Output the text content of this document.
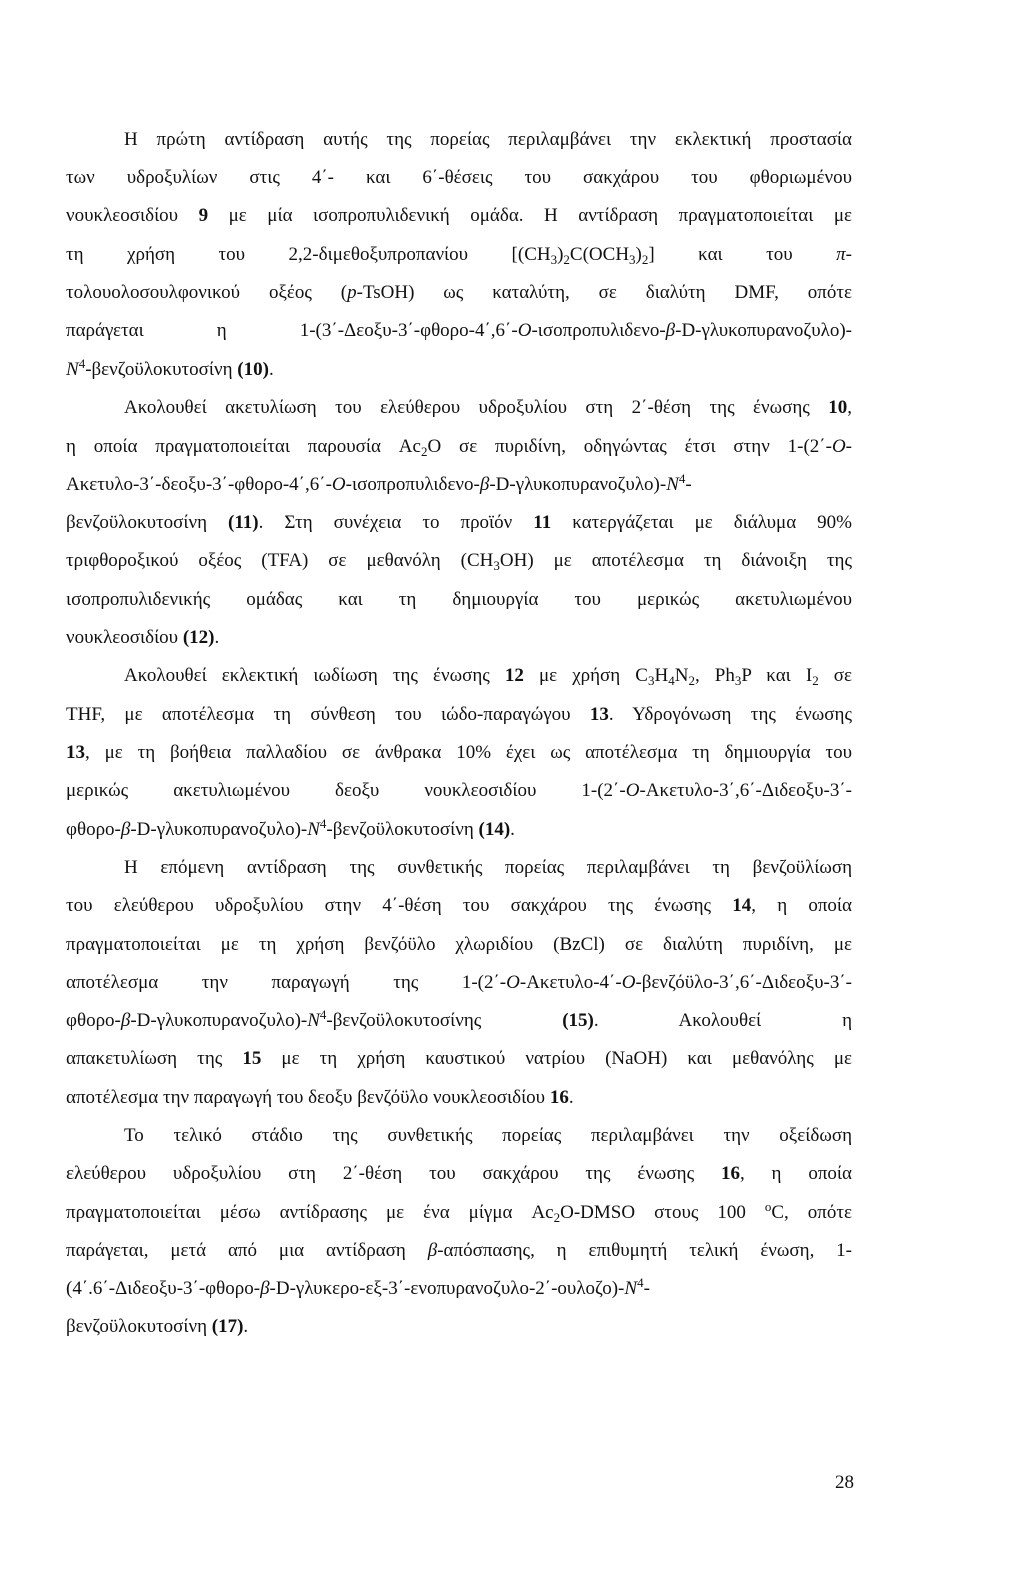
Η πρώτη αντίδραση αυτής της πορείας περιλαμβάνει την εκλεκτική προστασία
των υδροξυλίων στις 4΄- και 6΄-θέσεις του σακχάρου του φθοριωμένου
νουκλεοσιδίου 9 με μία ισοπροπυλιδενική ομάδα. Η αντίδραση πραγματοποιείται με
τη χρήση του 2,2-διμεθοξυπροπανίου $[(CH_3)_2C(OCH_3)_2]$ και του π-
τολουολοσουλφονικού οξέος (p-TsOH) ως καταλύτη, σε διαλύτη DMF, οπότε
παράγεται η 1-(3΄-Δεοξυ-3΄-φθορο-4΄,6΄-O-ισοπροπυλιδενο-β-D-γλυκοπυρανοζυλο)-
$N^4$-βενζοϋλοκυτοσίνη (10).
Ακολουθεί ακετυλίωση του ελεύθερου υδροξυλίου στη 2΄-θέση της ένωσης 10,
η οποία πραγματοποιείται παρουσία $Ac_2O$ σε πυριδίνη, οδηγώντας έτσι στην 1-(2΄-O-
Ακετυλο-$3΄-\delta\varepsilon o\xi\upsilon-3΄-\varphi\theta o\rho o-4΄,6΄-O-\iota\sigma o\pi\rho o\pi\upsilon\lambda\iota\delta\varepsilon\nu o-\beta-D-\gamma\lambda\upsilon\kappa o\pi\upsilon\rho\alpha\nu o\zeta\upsilon\lambda o)-N^4-$
βενζοϋλοκυτοσίνη (11). Στη συνέχεια το προϊόν 11 κατεργάζεται με διάλυμα 90%
τριφθοροξικού οξέος (TFA) σε μεθανόλη $(CH_3OH)$ με αποτέλεσμα τη διάνοιξη της
ισοπροπυλιδενικής ομάδας και τη δημιουργία του μερικώς ακετυλιωμένου
νουκλεοσιδίου (12).
Ακολουθεί εκλεκτική ιωδίωση της ένωσης 12 με χρήση $C_3H_4N_2$, $Ph_3P$ και $I_2$ σε
THF, με αποτέλεσμα τη σύνθεση του ιώδο-παραγώγου 13. Υδρογόνωση της ένωσης
13, με τη βοήθεια παλλαδίου σε άνθρακα 10% έχει ως αποτέλεσμα τη δημιουργία του
μερικώς ακετυλιωμένου δεοξυ νουκλεοσιδίου 1-(2΄-O-Ακετυλο-3΄,6΄-Διδεοξυ-3΄-
φθορο-$\beta-D-\gamma\lambda\upsilon\kappa o\pi\upsilon\rho\alpha\nu o\zeta\upsilon\lambda o)-N^4$-βενζοϋλοκυτοσίνη (14).
Η επόμενη αντίδραση της συνθετικής πορείας περιλαμβάνει τη βενζοϋλίωση
του ελεύθερου υδροξυλίου στην 4΄-θέση του σακχάρου της ένωσης 14, η οποία
πραγματοποιείται με τη χρήση βενζόϋλο χλωριδίου (BzCl) σε διαλύτη πυριδίνη, με
αποτέλεσμα την παραγωγή της 1-(2΄-O-Ακετυλο-4΄-O-βενζόϋλο-3΄,6΄-Διδεοξυ-3΄-
φθορο-$\beta-D-\gamma\lambda\upsilon\kappa o\pi\upsilon\rho\alpha\nu o\zeta\upsilon\lambda o)-N^4$-βενζοϋλοκυτοσίνης (15). Ακολουθεί η
απακετυλίωση της 15 με τη χρήση καυστικού νατρίου (NaOH) και μεθανόλης με
αποτέλεσμα την παραγωγή του δεοξυ βενζόϋλο νουκλεοσιδίου 16.
Το τελικό στάδιο της συνθετικής πορείας περιλαμβάνει την οξείδωση
ελεύθερου υδροξυλίου στη 2΄-θέση του σακχάρου της ένωσης 16, η οποία
πραγματοποιείται μέσω αντίδρασης με ένα μίγμα $Ac_2O$-DMSO στους 100 $^o$C, οπότε
παράγεται, μετά από μια αντίδραση β-απόσπασης, η επιθυμητή τελική ένωση, 1-
$(4΄.6΄-\Delta\iota\delta\varepsilon o\xi\upsilon-3΄-\varphi\theta o\rho o-\beta-D-\gamma\lambda\upsilon\kappa\varepsilon\rho o-\varepsilon\xi-3΄-\varepsilon\nu o\pi\upsilon\rho\alpha\nu o\zeta\upsilon\lambda o-2΄-o\upsilon\lambda o\zeta o)-N^4-$
βενζοϋλοκυτοσίνη (17).
28
